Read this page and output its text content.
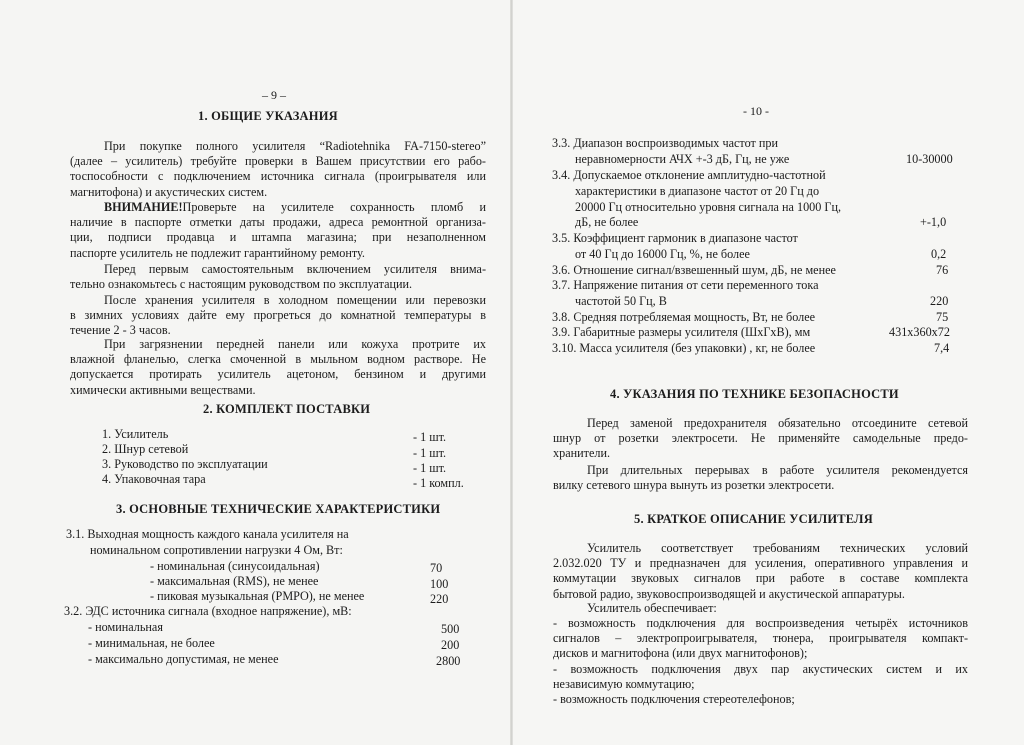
– 9 –
1. ОБЩИЕ УКАЗАНИЯ
При покупке полного усилителя “Radiotehnika FA-7150-stereo”
(далее – усилитель) требуйте проверки в Вашем присутствии его рабо-
тоспособности с подключением источника сигнала (проигрывателя или
магнитофона) и акустических систем.
ВНИМАНИЕ! Проверьте на усилителе сохранность пломб и
наличие в паспорте отметки даты продажи, адреса ремонтной организа-
ции, подписи продавца и штампа магазина; при незаполненном
паспорте усилитель не подлежит гарантийному ремонту.
Перед первым самостоятельным включением усилителя внима-
тельно ознакомьтесь с настоящим руководством по эксплуатации.
После хранения усилителя в холодном помещении или перевозки
в зимних условиях дайте ему прогреться до комнатной температуры в
течение 2 - 3 часов.
При загрязнении передней панели или кожуха протрите их
влажной фланелью, слегка смоченной в мыльном водном растворе. Не
допускается протирать усилитель ацетоном, бензином и другими
химически активными веществами.
2. КОМПЛЕКТ ПОСТАВКИ
1. Усилитель	- 1 шт.
2. Шнур сетевой	- 1 шт.
3. Руководство по эксплуатации	- 1 шт.
4. Упаковочная тара	- 1 компл.
3. ОСНОВНЫЕ ТЕХНИЧЕСКИЕ ХАРАКТЕРИСТИКИ
3.1. Выходная мощность каждого канала усилителя на
номинальном сопротивлении нагрузки 4 Ом, Вт:
- номинальная (синусоидальная)	70
- максимальная (RMS), не менее	100
- пиковая музыкальная (PMPO), не менее	220
3.2. ЭДС источника сигнала (входное напряжение), мВ:
- номинальная	500
- минимальная, не более	200
- максимально допустимая, не менее	2800
- 10 -
3.3. Диапазон воспроизводимых частот при
неравномерности АЧХ +-3 дБ, Гц, не уже	10-30000
3.4. Допускаемое отклонение амплитудно-частотной
характеристики в диапазоне частот от 20 Гц до
20000 Гц относительно уровня сигнала на 1000 Гц,
дБ, не более	+-1,0
3.5. Коэффициент гармоник в диапазоне частот
от 40 Гц до 16000 Гц, %, не более	0,2
3.6. Отношение сигнал/взвешенный шум, дБ, не менее	76
3.7. Напряжение питания от сети переменного тока
частотой 50 Гц, В	220
3.8. Средняя потребляемая мощность, Вт, не более	75
3.9. Габаритные размеры усилителя (ШхГхВ), мм	431х360х72
3.10. Масса усилителя (без упаковки) , кг, не более	7,4
4. УКАЗАНИЯ ПО ТЕХНИКЕ БЕЗОПАСНОСТИ
Перед заменой предохранителя обязательно отсоедините сетевой
шнур от розетки электросети. Не применяйте самодельные предо-
хранители.
При длительных перерывах в работе усилителя рекомендуется
вилку сетевого шнура вынуть из розетки электросети.
5. КРАТКОЕ ОПИСАНИЕ УСИЛИТЕЛЯ
Усилитель соответствует требованиям технических условий
2.032.020 ТУ и предназначен для усиления, оперативного управления и
коммутации звуковых сигналов при работе в составе комплекта
бытовой радио, звуковоспроизводящей и акустической аппаратуры.
Усилитель обеспечивает:
- возможность подключения для воспроизведения четырёх источников
сигналов – электропроигрывателя, тюнера, проигрывателя компакт-
дисков и магнитофона (или двух магнитофонов);
- возможность подключения двух пар акустических систем и их
независимую коммутацию;
- возможность подключения стереотелефонов;
